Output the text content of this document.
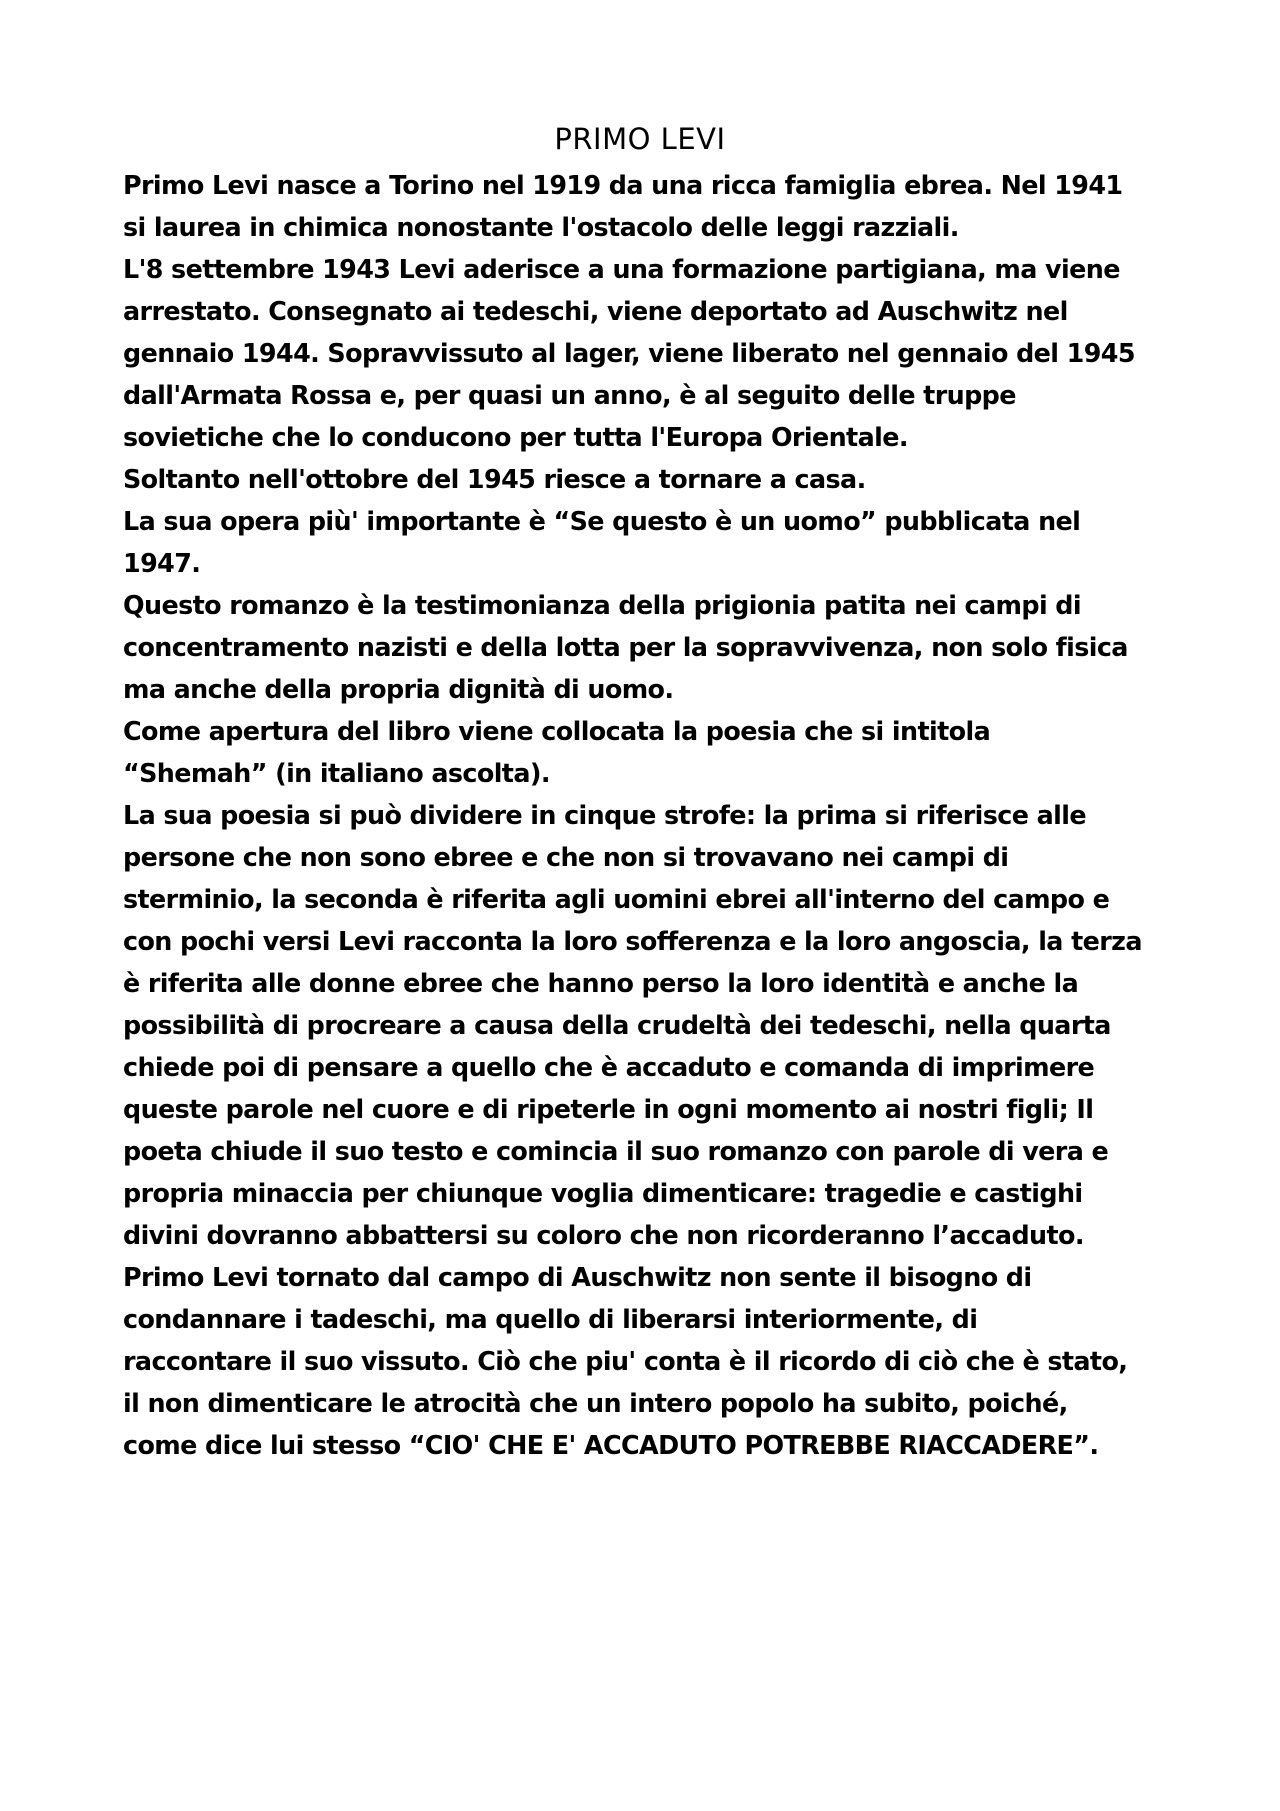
PRIMO LEVI
Primo Levi nasce a Torino nel 1919 da una ricca famiglia ebrea. Nel 1941
si laurea in chimica nonostante l'ostacolo delle leggi razziali.
L'8 settembre 1943 Levi aderisce a una formazione partigiana, ma viene
arrestato. Consegnato ai tedeschi, viene deportato ad Auschwitz nel
gennaio 1944. Sopravvissuto al lager, viene liberato nel gennaio del 1945
dall'Armata Rossa e, per quasi un anno, è al seguito delle truppe
sovietiche che lo conducono per tutta l'Europa Orientale.
Soltanto nell'ottobre del 1945 riesce a tornare a casa.
La sua opera più' importante è “Se questo è un uomo” pubblicata nel
1947.
Questo romanzo è la testimonianza della prigionia patita nei campi di
concentramento nazisti e della lotta per la sopravvivenza, non solo fisica
ma anche della propria dignità di uomo.
Come apertura del libro viene collocata la poesia che si intitola
“Shemah” (in italiano ascolta).
La sua poesia si può dividere in cinque strofe: la prima si riferisce alle
persone che non sono ebree e che non si trovavano nei campi di
sterminio, la seconda è riferita agli uomini ebrei all'interno del campo e
con pochi versi Levi racconta la loro sofferenza e la loro angoscia, la terza
è riferita alle donne ebree che hanno perso la loro identità e anche la
possibilità di procreare a causa della crudeltà dei tedeschi, nella quarta
chiede poi di pensare a quello che è accaduto e comanda di imprimere
queste parole nel cuore e di ripeterle in ogni momento ai nostri figli; Il
poeta chiude il suo testo e comincia il suo romanzo con parole di vera e
propria minaccia per chiunque voglia dimenticare: tragedie e castighi
divini dovranno abbattersi su coloro che non ricorderanno l’accaduto.
Primo Levi tornato dal campo di Auschwitz non sente il bisogno di
condannare i tadeschi, ma quello di liberarsi interiormente, di
raccontare il suo vissuto. Ciò che piu' conta è il ricordo di ciò che è stato,
il non dimenticare le atrocità che un intero popolo ha subito, poiché,
come dice lui stesso “CIO' CHE E' ACCADUTO POTREBBE RIACCADERE”.
